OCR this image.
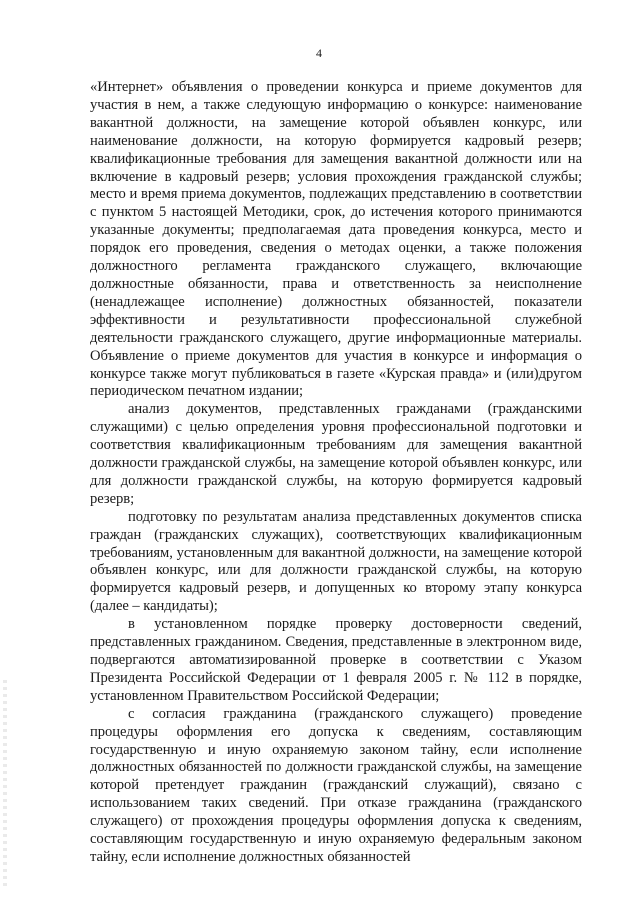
4

«Интернет» объявления о проведении конкурса и приеме документов для участия в нем, а также следующую информацию о конкурсе: наименование вакантной должности, на замещение которой объявлен конкурс, или наименование должности, на которую формируется кадровый резерв; квалификационные требования для замещения вакантной должности или на включение в кадровый резерв; условия прохождения гражданской службы; место и время приема документов, подлежащих представлению в соответствии с пунктом 5 настоящей Методики, срок, до истечения которого принимаются указанные документы; предполагаемая дата проведения конкурса, место и порядок его проведения, сведения о методах оценки, а также положения должностного регламента гражданского служащего, включающие должностные обязанности, права и ответственность за неисполнение (ненадлежащее исполнение) должностных обязанностей, показатели эффективности и результативности профессиональной служебной деятельности гражданского служащего, другие информационные материалы. Объявление о приеме документов для участия в конкурсе и информация о конкурсе также могут публиковаться в газете «Курская правда» и (или)другом периодическом печатном издании;

анализ документов, представленных гражданами (гражданскими служащими) с целью определения уровня профессиональной подготовки и соответствия квалификационным требованиям для замещения вакантной должности гражданской службы, на замещение которой объявлен конкурс, или для должности гражданской службы, на которую формируется кадровый резерв;

подготовку по результатам анализа представленных документов списка граждан (гражданских служащих), соответствующих квалификационным требованиям, установленным для вакантной должности, на замещение которой объявлен конкурс, или для должности гражданской службы, на которую формируется кадровый резерв, и допущенных ко второму этапу конкурса (далее – кандидаты);

в установленном порядке проверку достоверности сведений, представленных гражданином. Сведения, представленные в электронном виде, подвергаются автоматизированной проверке в соответствии с Указом Президента Российской Федерации от 1 февраля 2005 г. № 112 в порядке, установленном Правительством Российской Федерации;

с согласия гражданина (гражданского служащего) проведение процедуры оформления его допуска к сведениям, составляющим государственную и иную охраняемую законом тайну, если исполнение должностных обязанностей по должности гражданской службы, на замещение которой претендует гражданин (гражданский служащий), связано с использованием таких сведений. При отказе гражданина (гражданского служащего) от прохождения процедуры оформления допуска к сведениям, составляющим государственную и иную охраняемую федеральным законом тайну, если исполнение должностных обязанностей
